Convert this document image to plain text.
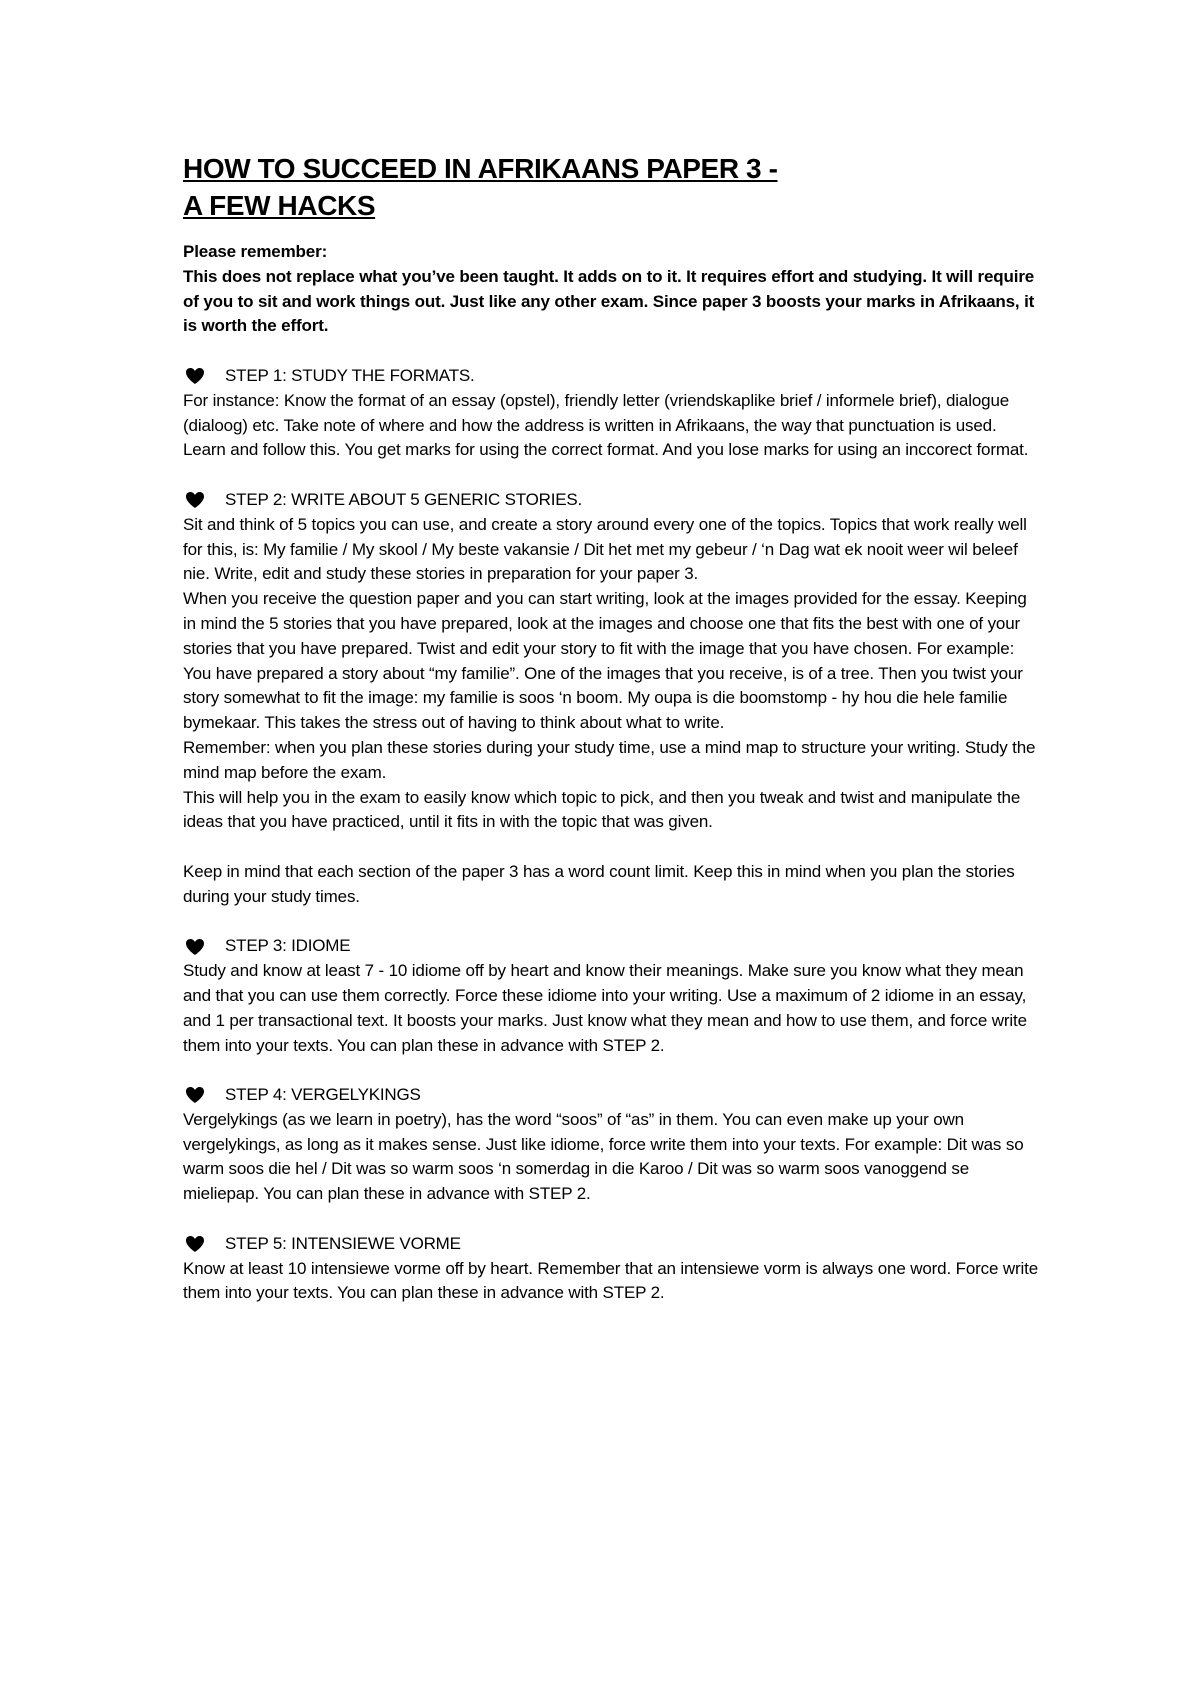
HOW TO SUCCEED IN AFRIKAANS PAPER 3 -
A FEW HACKS

Please remember:

This does not replace what you’ve been taught. It adds on to it. It requires effort and studying. It will require of you to sit and work things out. Just like any other exam. Since paper 3 boosts your marks in Afrikaans, it is worth the effort.

STEP 1: STUDY THE FORMATS.

For instance: Know the format of an essay (opstel), friendly letter (vriendskaplike brief / informele brief), dialogue (dialoog) etc. Take note of where and how the address is written in Afrikaans, the way that punctuation is used. Learn and follow this. You get marks for using the correct format. And you lose marks for using an inccorect format.

STEP 2: WRITE ABOUT 5 GENERIC STORIES.

Sit and think of 5 topics you can use, and create a story around every one of the topics. Topics that work really well for this, is: My familie / My skool / My beste vakansie / Dit het met my gebeur / ‘n Dag wat ek nooit weer wil beleef nie. Write, edit and study these stories in preparation for your paper 3.

When you receive the question paper and you can start writing, look at the images provided for the essay. Keeping in mind the 5 stories that you have prepared, look at the images and choose one that fits the best with one of your stories that you have prepared. Twist and edit your story to fit with the image that you have chosen. For example: You have prepared a story about “my familie”. One of the images that you receive, is of a tree. Then you twist your story somewhat to fit the image: my familie is soos ‘n boom. My oupa is die boomstomp - hy hou die hele familie bymekaar. This takes the stress out of having to think about what to write.

Remember: when you plan these stories during your study time, use a mind map to structure your writing. Study the mind map before the exam.

This will help you in the exam to easily know which topic to pick, and then you tweak and twist and manipulate the ideas that you have practiced, until it fits in with the topic that was given.

Keep in mind that each section of the paper 3 has a word count limit. Keep this in mind when you plan the stories during your study times.

STEP 3: IDIOME

Study and know at least 7 - 10 idiome off by heart and know their meanings. Make sure you know what they mean and that you can use them correctly. Force these idiome into your writing. Use a maximum of 2 idiome in an essay, and 1 per transactional text. It boosts your marks. Just know what they mean and how to use them, and force write them into your texts. You can plan these in advance with STEP 2.

STEP 4: VERGELYKINGS

Vergelykings (as we learn in poetry), has the word “soos” of “as” in them. You can even make up your own vergelykings, as long as it makes sense. Just like idiome, force write them into your texts. For example: Dit was so warm soos die hel / Dit was so warm soos ‘n somerdag in die Karoo / Dit was so warm soos vanoggend se mieliepap. You can plan these in advance with STEP 2.

STEP 5: INTENSIEWE VORME

Know at least 10 intensiewe vorme off by heart. Remember that an intensiewe vorm is always one word. Force write them into your texts. You can plan these in advance with STEP 2.
